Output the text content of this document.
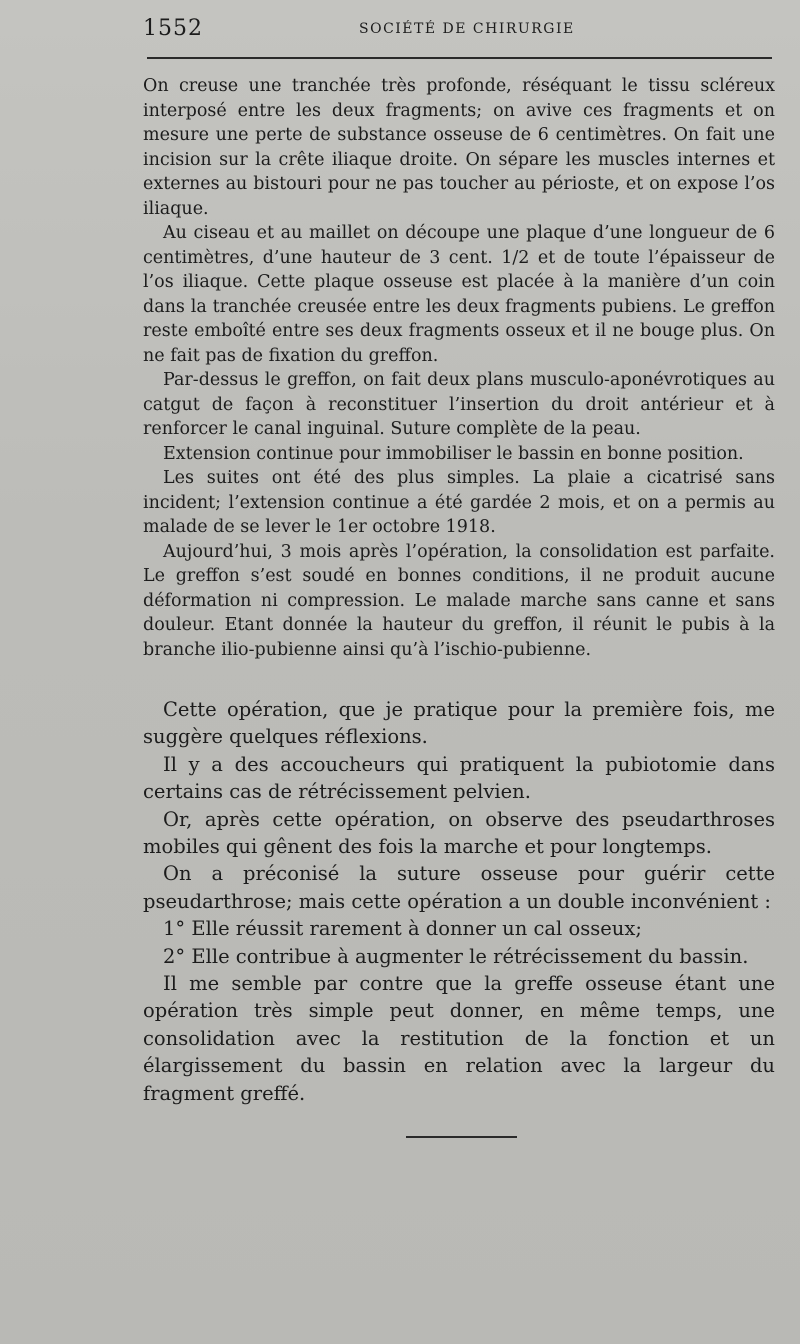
1552	SOCIÉTÉ DE CHIRURGIE

On creuse une tranchée très profonde, réséquant le tissu scléreux interposé entre les deux fragments; on avive ces fragments et on mesure une perte de substance osseuse de 6 centimètres. On fait une incision sur la crête iliaque droite. On sépare les muscles internes et externes au bistouri pour ne pas toucher au périoste, et on expose l’os iliaque.

Au ciseau et au maillet on découpe une plaque d’une longueur de 6 centimètres, d’une hauteur de 3 cent. 1/2 et de toute l’épaisseur de l’os iliaque. Cette plaque osseuse est placée à la manière d’un coin dans la tranchée creusée entre les deux fragments pubiens. Le greffon reste emboîté entre ses deux fragments osseux et il ne bouge plus. On ne fait pas de fixation du greffon.

Par-dessus le greffon, on fait deux plans musculo-aponévrotiques au catgut de façon à reconstituer l’insertion du droit antérieur et à renforcer le canal inguinal. Suture complète de la peau.

Extension continue pour immobiliser le bassin en bonne position.

Les suites ont été des plus simples. La plaie a cicatrisé sans incident; l’extension continue a été gardée 2 mois, et on a permis au malade de se lever le 1er octobre 1918.

Aujourd’hui, 3 mois après l’opération, la consolidation est parfaite. Le greffon s’est soudé en bonnes conditions, il ne produit aucune déformation ni compression. Le malade marche sans canne et sans douleur. Etant donnée la hauteur du greffon, il réunit le pubis à la branche ilio-pubienne ainsi qu’à l’ischio-pubienne.

Cette opération, que je pratique pour la première fois, me suggère quelques réflexions.

Il y a des accoucheurs qui pratiquent la pubiotomie dans certains cas de rétrécissement pelvien.

Or, après cette opération, on observe des pseudarthroses mobiles qui gênent des fois la marche et pour longtemps.

On a préconisé la suture osseuse pour guérir cette pseudarthrose; mais cette opération a un double inconvénient :

1° Elle réussit rarement à donner un cal osseux;

2° Elle contribue à augmenter le rétrécissement du bassin.

Il me semble par contre que la greffe osseuse étant une opération très simple peut donner, en même temps, une consolidation avec la restitution de la fonction et un élargissement du bassin en relation avec la largeur du fragment greffé.
